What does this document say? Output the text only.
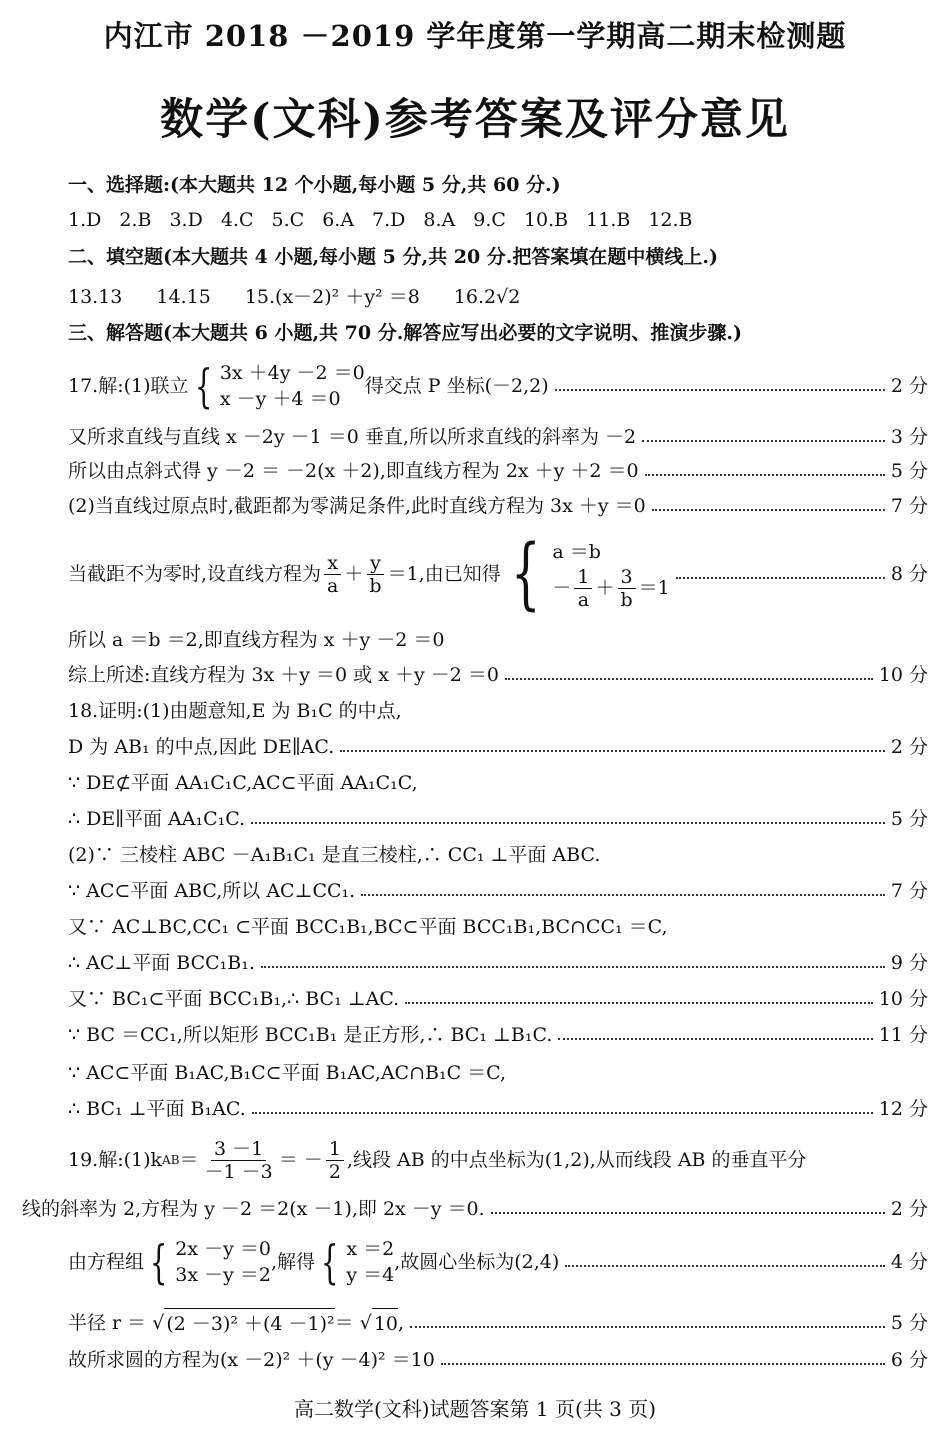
内江市 2018 －2019 学年度第一学期高二期末检测题
数学(文科)参考答案及评分意见
一、选择题:(本大题共 12 个小题,每小题 5 分,共 60 分.)
1.D 2.B 3.D 4.C 5.C 6.A 7.D 8.A 9.C 10.B 11.B 12.B
二、填空题(本大题共 4 小题,每小题 5 分,共 20 分.把答案填在题中横线上.)
13.13 14.15 15.(x－2)² ＋y² ＝8 16.2√2
三、解答题(本大题共 6 小题,共 70 分.解答应写出必要的文字说明、推演步骤.)
17.解:(1)联立 { 3x ＋4y －2 ＝0
x －y ＋4 ＝0
得交点 P 坐标(－2,2)	2 分
又所求直线与直线 x －2y －1 ＝0 垂直,所以所求直线的斜率为 －2	3 分
所以由点斜式得 y －2 ＝ －2(x ＋2),即直线方程为 2x ＋y ＋2 ＝0	5 分
(2)当直线过原点时,截距都为零满足条件,此时直线方程为 3x ＋y ＝0	7 分
当截距不为零时,设直线方程为 $\frac{x}{a} + \frac{y}{b} =1$,由已知得 { a ＝b
－ $\frac{1}{a} + \frac{3}{b} =1$
8 分
所以 a ＝b ＝2,即直线方程为 x ＋y －2 ＝0
综上所述:直线方程为 3x ＋y ＝0 或 x ＋y －2 ＝0	10 分
18.证明:(1)由题意知,E 为 B₁C 的中点,
D 为 AB₁ 的中点,因此 DE∥AC.	2 分
∵ DE⊄平面 AA₁C₁C,AC⊂平面 AA₁C₁C,
∴ DE∥平面 AA₁C₁C.	5 分
(2)∵ 三棱柱 ABC －A₁B₁C₁ 是直三棱柱,∴ CC₁ ⊥平面 ABC.
∵ AC⊂平面 ABC,所以 AC⊥CC₁.	7 分
又∵ AC⊥BC,CC₁ ⊂平面 BCC₁B₁,BC⊂平面 BCC₁B₁,BC∩CC₁ ＝C,
∴ AC⊥平面 BCC₁B₁.	9 分
又∵ BC₁⊂平面 BCC₁B₁,∴ BC₁ ⊥AC.	10 分
∵ BC ＝CC₁,所以矩形 BCC₁B₁ 是正方形,∴ BC₁ ⊥B₁C.	11 分
∵ AC⊂平面 B₁AC,B₁C⊂平面 B₁AC,AC∩B₁C ＝C,
∴ BC₁ ⊥平面 B₁AC.	12 分
19.解:(1)k AB ＝ $\frac{3 -1}{-1 -3}$ ＝ － $\frac{1}{2}$ ,线段 AB 的中点坐标为(1,2),从而线段 AB 的垂直平分
线的斜率为 2,方程为 y －2 ＝2(x －1),即 2x －y ＝0.	2 分
由方程组 { 2x －y ＝0
3x －y ＝2
,解得 { x ＝2
y ＝4
,故圆心坐标为(2,4)	4 分
半径 r ＝ √ (2 －3)² ＋(4 －1)² ＝ √ 10 ,	5 分
故所求圆的方程为(x －2)² ＋(y －4)² ＝10	6 分
高二数学(文科)试题答案第 1 页(共 3 页)
